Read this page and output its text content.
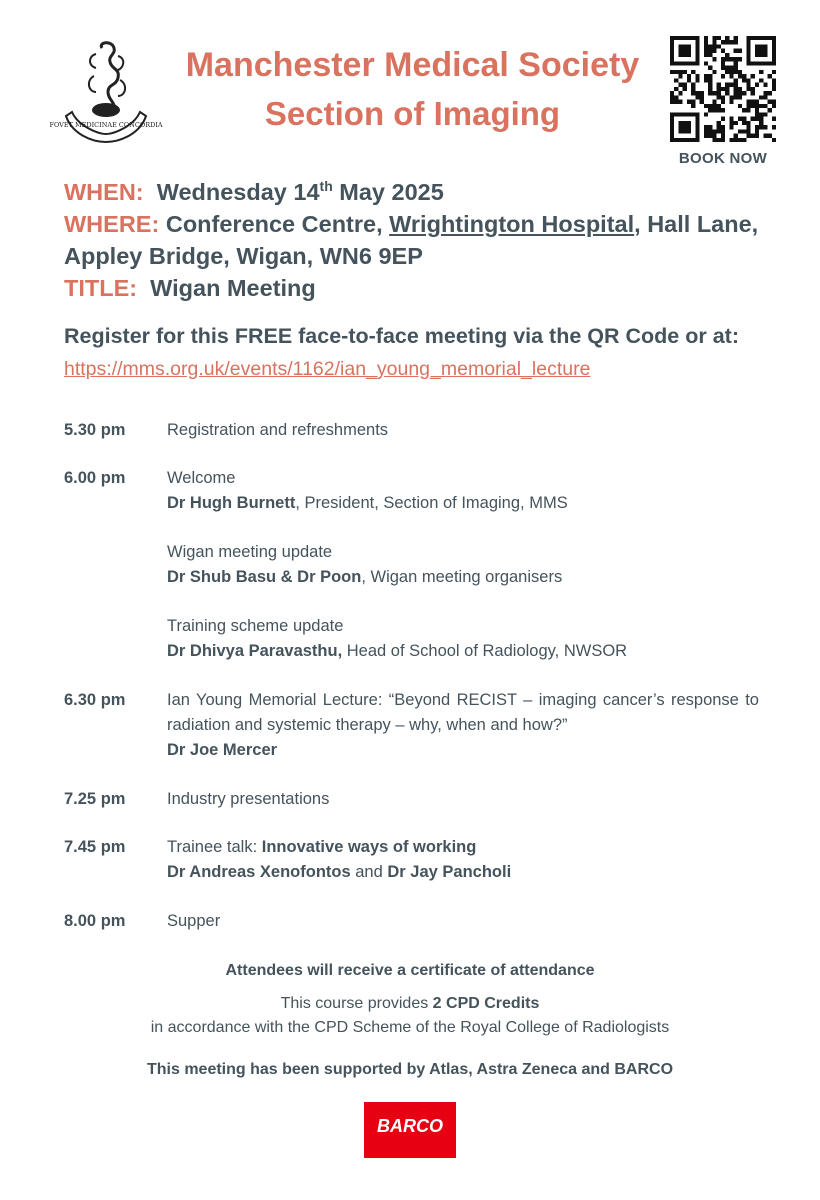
FOVET MEDICINAE CONCORDIA
Manchester Medical Society
Section of Imaging
BOOK NOW
WHEN: Wednesday 14th May 2025
WHERE: Conference Centre, Wrightington Hospital, Hall Lane, Appley Bridge, Wigan, WN6 9EP
TITLE: Wigan Meeting
Register for this FREE face-to-face meeting via the QR Code or at: https://mms.org.uk/events/1162/ian_young_memorial_lecture
5.30 pm	Registration and refreshments
6.00 pm	Welcome
Dr Hugh Burnett, President, Section of Imaging, MMS
Wigan meeting update
Dr Shub Basu & Dr Poon, Wigan meeting organisers
Training scheme update
Dr Dhivya Paravasthu, Head of School of Radiology, NWSOR
6.30 pm	Ian Young Memorial Lecture: “Beyond RECIST – imaging cancer’s response to radiation and systemic therapy – why, when and how?”
Dr Joe Mercer
7.25 pm	Industry presentations
7.45 pm	Trainee talk: Innovative ways of working
Dr Andreas Xenofontos and Dr Jay Pancholi
8.00 pm	Supper
Attendees will receive a certificate of attendance
This course provides 2 CPD Credits
in accordance with the CPD Scheme of the Royal College of Radiologists
This meeting has been supported by Atlas, Astra Zeneca and BARCO
BARCO
